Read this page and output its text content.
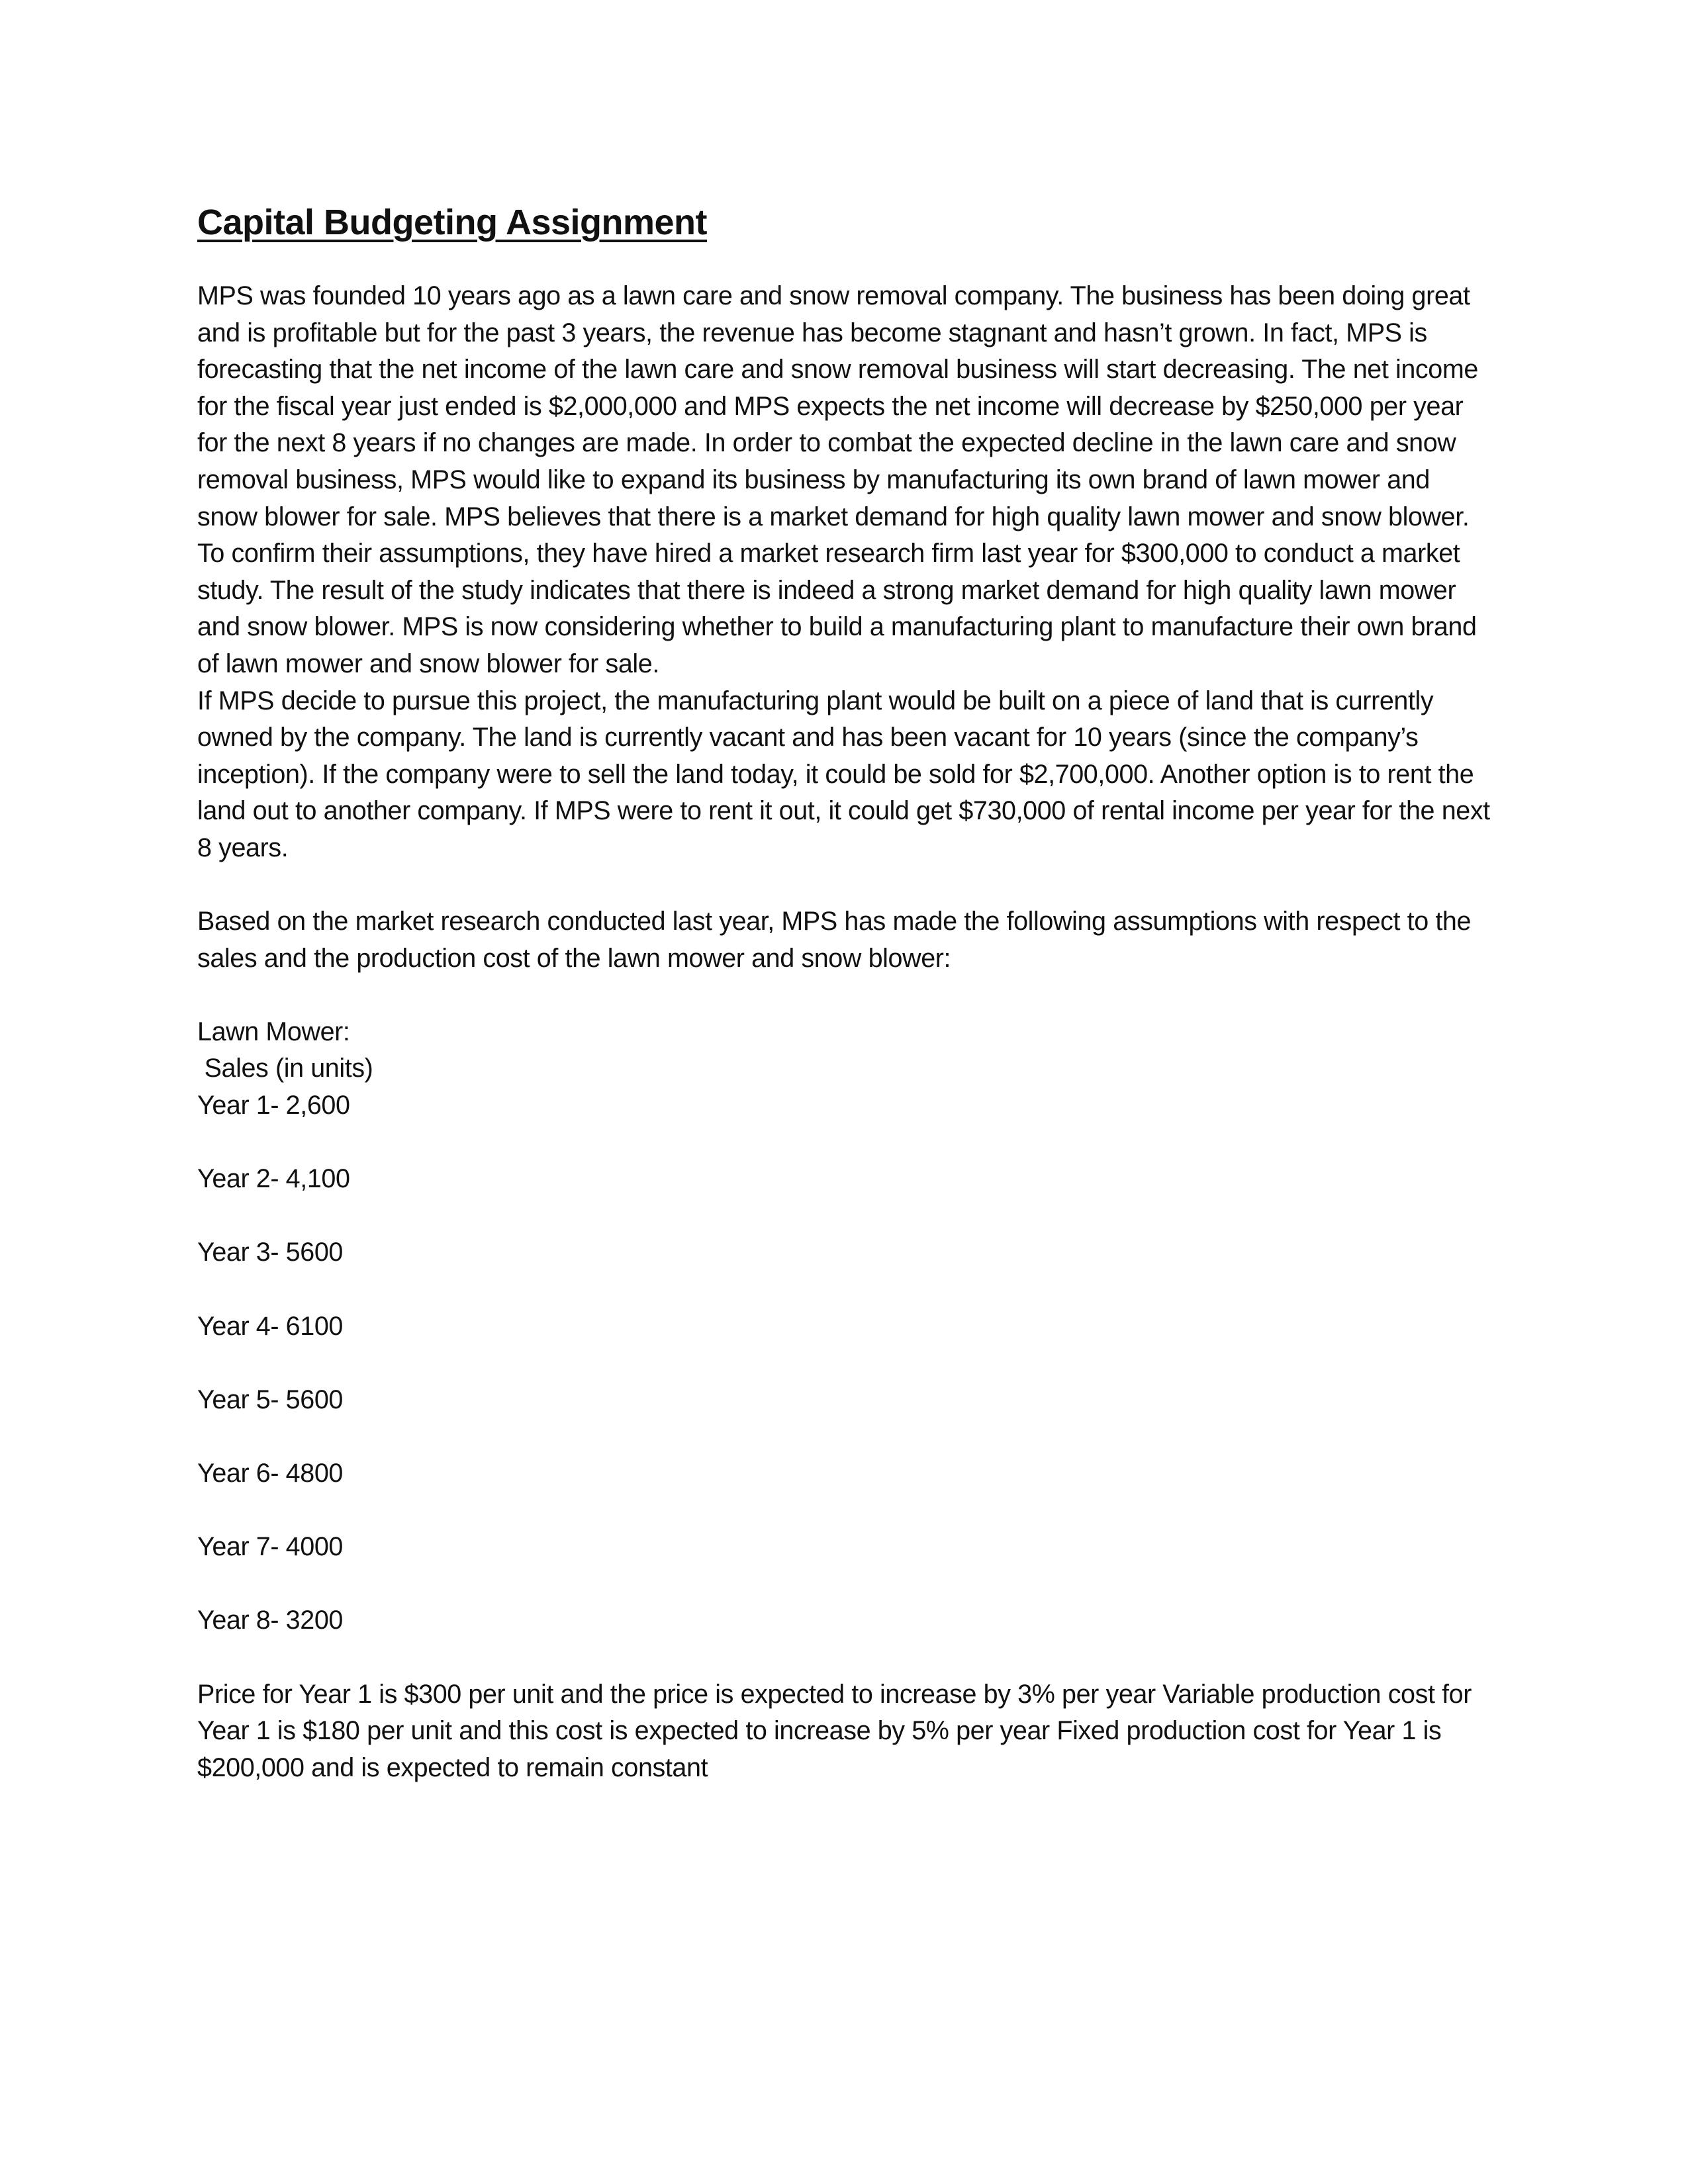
Capital Budgeting Assignment

MPS was founded 10 years ago as a lawn care and snow removal company. The business has been doing great and is profitable but for the past 3 years, the revenue has become stagnant and hasn’t grown. In fact, MPS is forecasting that the net income of the lawn care and snow removal business will start decreasing. The net income for the fiscal year just ended is $2,000,000 and MPS expects the net income will decrease by $250,000 per year for the next 8 years if no changes are made. In order to combat the expected decline in the lawn care and snow removal business, MPS would like to expand its business by manufacturing its own brand of lawn mower and snow blower for sale. MPS believes that there is a market demand for high quality lawn mower and snow blower. To confirm their assumptions, they have hired a market research firm last year for $300,000 to conduct a market study. The result of the study indicates that there is indeed a strong market demand for high quality lawn mower and snow blower. MPS is now considering whether to build a manufacturing plant to manufacture their own brand of lawn mower and snow blower for sale.

If MPS decide to pursue this project, the manufacturing plant would be built on a piece of land that is currently owned by the company. The land is currently vacant and has been vacant for 10 years (since the company’s inception). If the company were to sell the land today, it could be sold for $2,700,000. Another option is to rent the land out to another company. If MPS were to rent it out, it could get $730,000 of rental income per year for the next 8 years.

Based on the market research conducted last year, MPS has made the following assumptions with respect to the sales and the production cost of the lawn mower and snow blower:

Lawn Mower:

Sales (in units)

Year 1- 2,600

Year 2- 4,100

Year 3- 5600

Year 4- 6100

Year 5- 5600

Year 6- 4800

Year 7- 4000

Year 8- 3200

Price for Year 1 is $300 per unit and the price is expected to increase by 3% per year Variable production cost for Year 1 is $180 per unit and this cost is expected to increase by 5% per year Fixed production cost for Year 1 is $200,000 and is expected to remain constant
